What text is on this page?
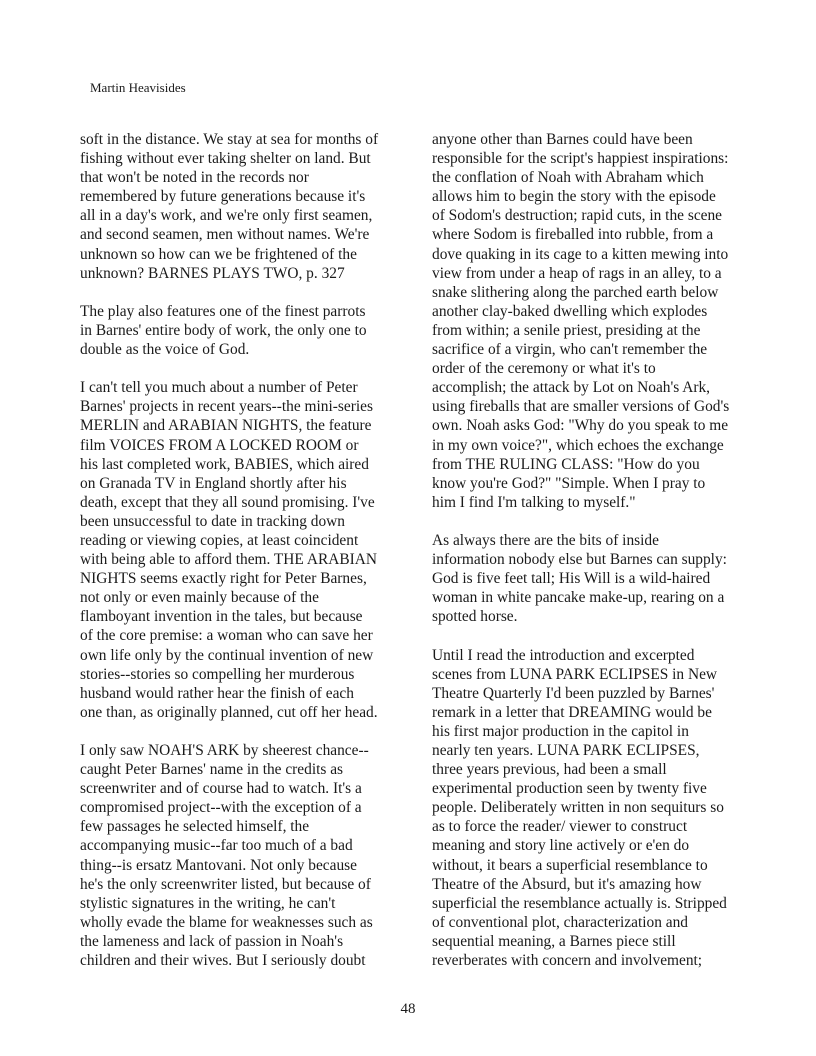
Martin Heavisides
soft in the distance. We stay at sea for months of
fishing without ever taking shelter on land. But
that won't be noted in the records nor
remembered by future generations because it's
all in a day's work, and we're only first seamen,
and second seamen, men without names. We're
unknown so how can we be frightened of the
unknown? BARNES PLAYS TWO, p. 327
The play also features one of the finest parrots
in Barnes' entire body of work, the only one to
double as the voice of God.
I can't tell you much about a number of Peter
Barnes' projects in recent years--the mini-series
MERLIN and ARABIAN NIGHTS, the feature
film VOICES FROM A LOCKED ROOM or
his last completed work, BABIES, which aired
on Granada TV in England shortly after his
death, except that they all sound promising. I've
been unsuccessful to date in tracking down
reading or viewing copies, at least coincident
with being able to afford them. THE ARABIAN
NIGHTS seems exactly right for Peter Barnes,
not only or even mainly because of the
flamboyant invention in the tales, but because
of the core premise: a woman who can save her
own life only by the continual invention of new
stories--stories so compelling her murderous
husband would rather hear the finish of each
one than, as originally planned, cut off her head.
I only saw NOAH'S ARK by sheerest chance--
caught Peter Barnes' name in the credits as
screenwriter and of course had to watch. It's a
compromised project--with the exception of a
few passages he selected himself, the
accompanying music--far too much of a bad
thing--is ersatz Mantovani. Not only because
he's the only screenwriter listed, but because of
stylistic signatures in the writing, he can't
wholly evade the blame for weaknesses such as
the lameness and lack of passion in Noah's
children and their wives. But I seriously doubt
anyone other than Barnes could have been
responsible for the script's happiest inspirations:
the conflation of Noah with Abraham which
allows him to begin the story with the episode
of Sodom's destruction; rapid cuts, in the scene
where Sodom is fireballed into rubble, from a
dove quaking in its cage to a kitten mewing into
view from under a heap of rags in an alley, to a
snake slithering along the parched earth below
another clay-baked dwelling which explodes
from within; a senile priest, presiding at the
sacrifice of a virgin, who can't remember the
order of the ceremony or what it's to
accomplish; the attack by Lot on Noah's Ark,
using fireballs that are smaller versions of God's
own. Noah asks God: "Why do you speak to me
in my own voice?", which echoes the exchange
from THE RULING CLASS: "How do you
know you're God?" "Simple. When I pray to
him I find I'm talking to myself."
As always there are the bits of inside
information nobody else but Barnes can supply:
God is five feet tall; His Will is a wild-haired
woman in white pancake make-up, rearing on a
spotted horse.
Until I read the introduction and excerpted
scenes from LUNA PARK ECLIPSES in New
Theatre Quarterly I'd been puzzled by Barnes'
remark in a letter that DREAMING would be
his first major production in the capitol in
nearly ten years. LUNA PARK ECLIPSES,
three years previous, had been a small
experimental production seen by twenty five
people. Deliberately written in non sequiturs so
as to force the reader/ viewer to construct
meaning and story line actively or e'en do
without, it bears a superficial resemblance to
Theatre of the Absurd, but it's amazing how
superficial the resemblance actually is. Stripped
of conventional plot, characterization and
sequential meaning, a Barnes piece still
reverberates with concern and involvement;
48
